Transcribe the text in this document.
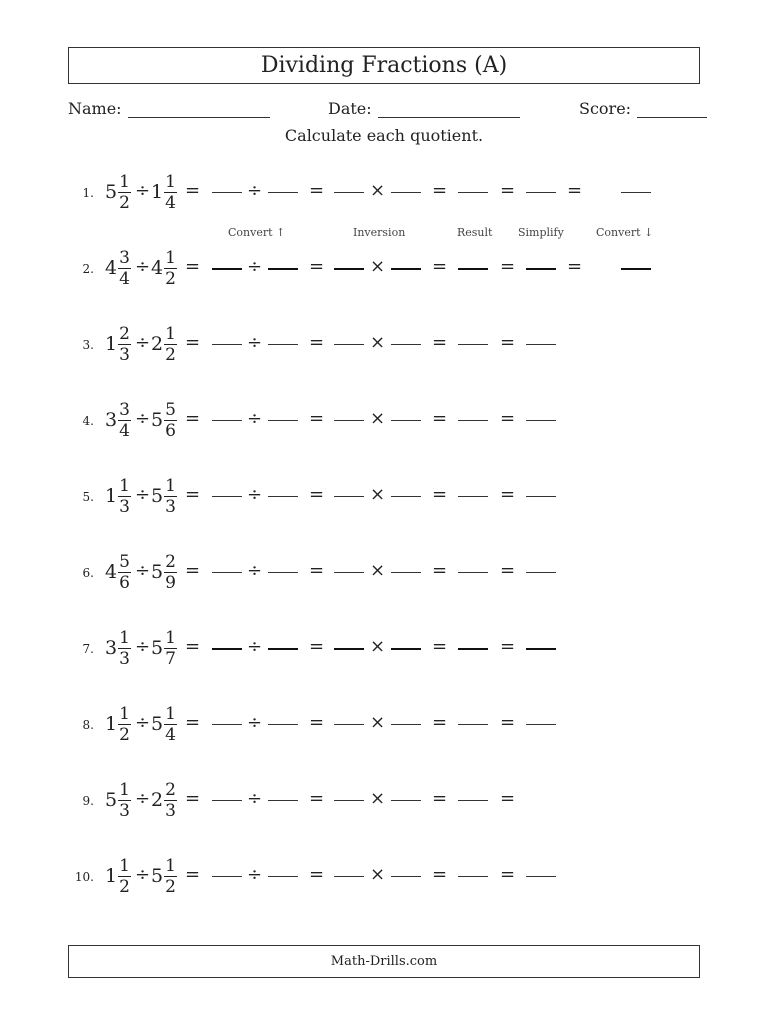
Dividing Fractions (A)
Name:	Date:	Score:
Calculate each quotient.
1. $5 \frac{1}{2} \div 1 \frac{1}{4}$ =	÷	=	×	=	=	=
2. $4 \frac{3}{4} \div 4 \frac{1}{2}$ =	÷	=	×	=	=	=
3. $1 \frac{2}{3} \div 2 \frac{1}{2}$ =	÷	=	×	=	=
4. $3 \frac{3}{4} \div 5 \frac{5}{6}$ =	÷	=	×	=	=
5. $1 \frac{1}{3} \div 5 \frac{1}{3}$ =	÷	=	×	=	=
6. $4 \frac{5}{6} \div 5 \frac{2}{9}$ =	÷	=	×	=	=
7. $3 \frac{1}{3} \div 5 \frac{1}{7}$ =	÷	=	×	=	=
8. $1 \frac{1}{2} \div 5 \frac{1}{4}$ =	÷	=	×	=	=
9. $5 \frac{1}{3} \div 2 \frac{2}{3}$ =	÷	=	×	=	=
10. $1 \frac{1}{2} \div 5 \frac{1}{2}$ =	÷	=	×	=	=
Convert ↑	Inversion	Result Simplify	Convert ↓
Math-Drills.com
